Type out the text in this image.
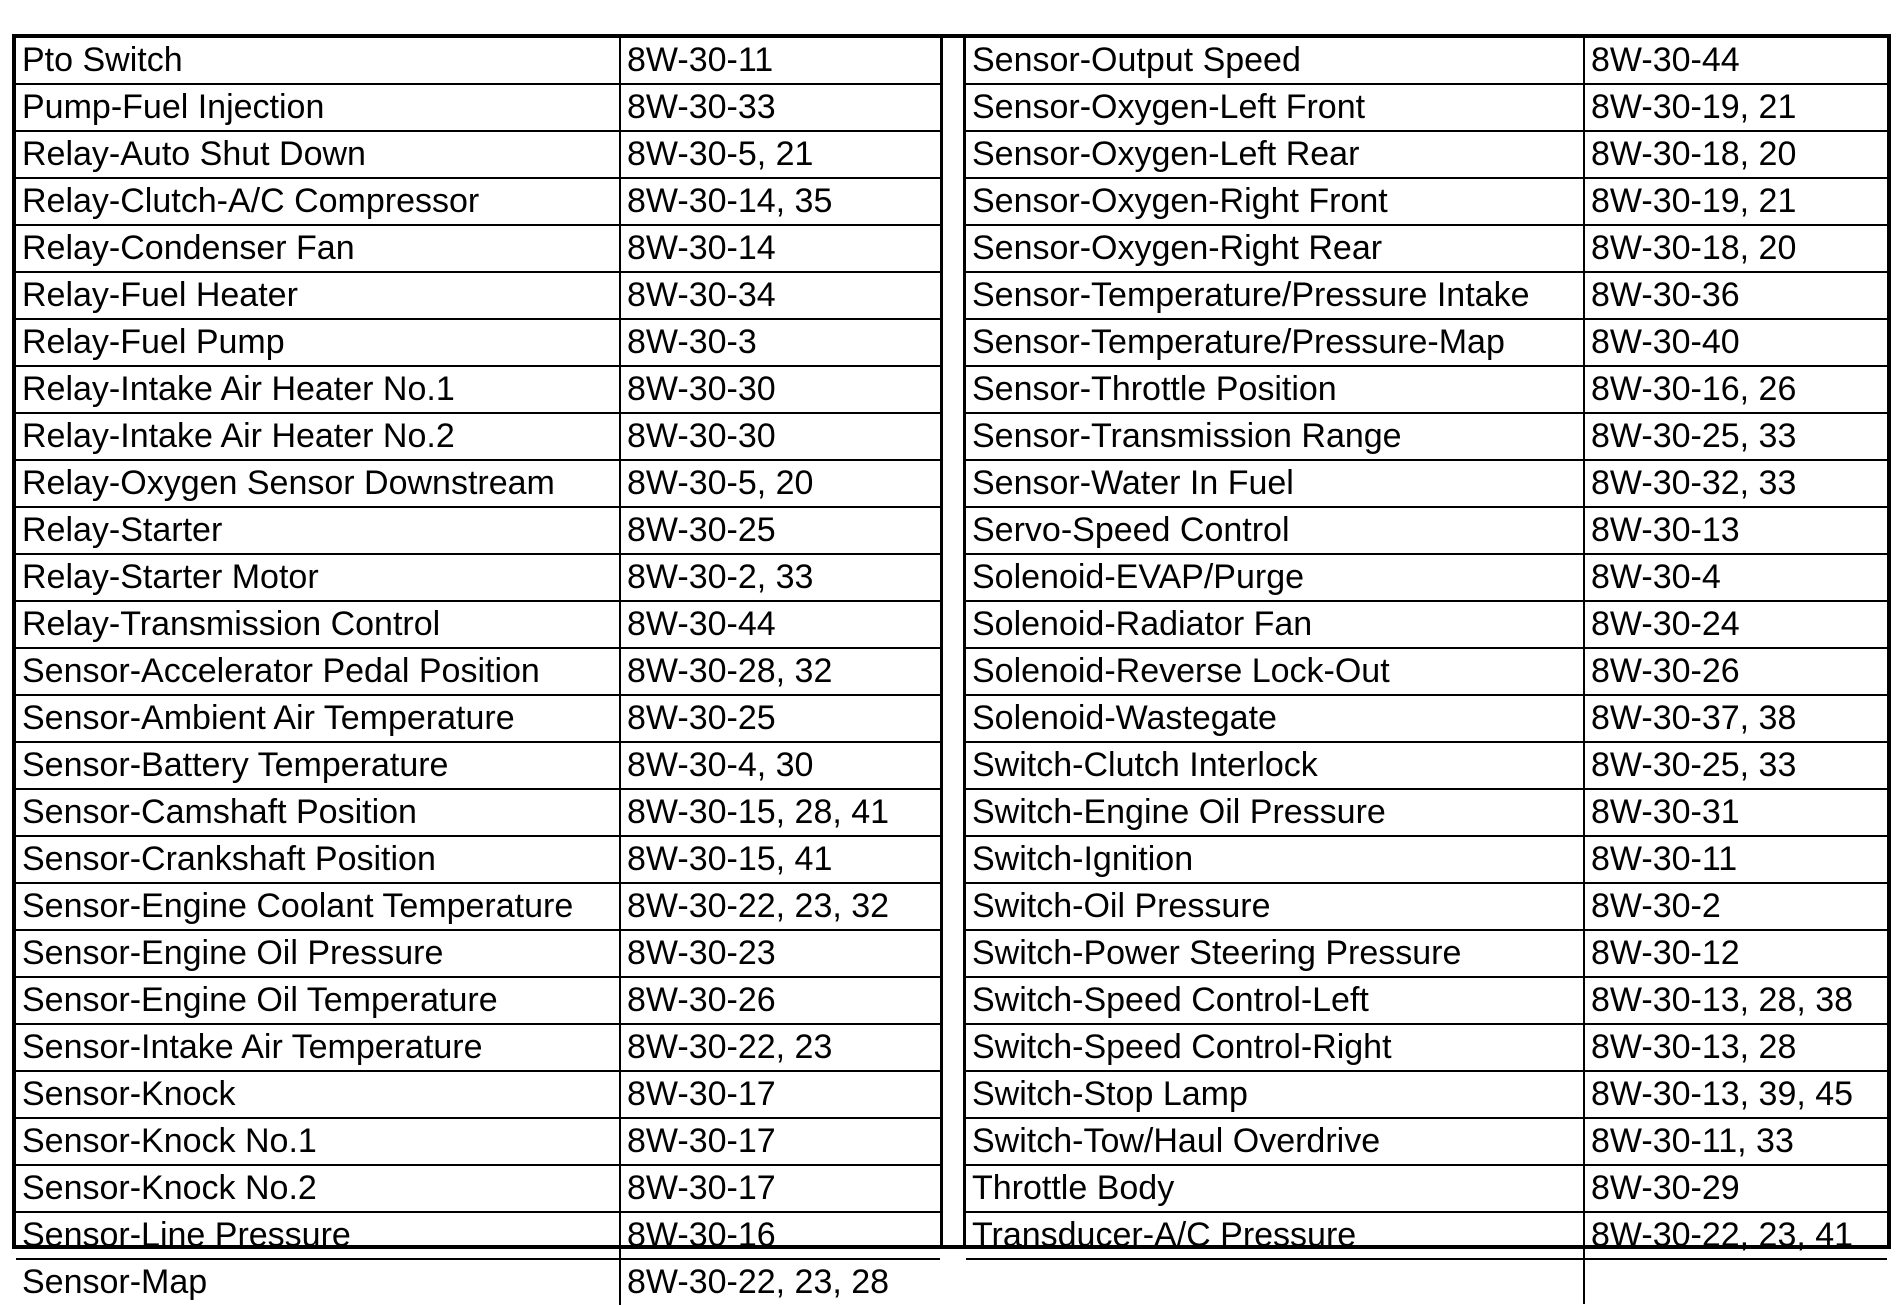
Pto Switch	8W-30-11
Pump-Fuel Injection	8W-30-33
Relay-Auto Shut Down	8W-30-5, 21
Relay-Clutch-A/C Compressor	8W-30-14, 35
Relay-Condenser Fan	8W-30-14
Relay-Fuel Heater	8W-30-34
Relay-Fuel Pump	8W-30-3
Relay-Intake Air Heater No.1	8W-30-30
Relay-Intake Air Heater No.2	8W-30-30
Relay-Oxygen Sensor Downstream	8W-30-5, 20
Relay-Starter	8W-30-25
Relay-Starter Motor	8W-30-2, 33
Relay-Transmission Control	8W-30-44
Sensor-Accelerator Pedal Position	8W-30-28, 32
Sensor-Ambient Air Temperature	8W-30-25
Sensor-Battery Temperature	8W-30-4, 30
Sensor-Camshaft Position	8W-30-15, 28, 41
Sensor-Crankshaft Position	8W-30-15, 41
Sensor-Engine Coolant Temperature	8W-30-22, 23, 32
Sensor-Engine Oil Pressure	8W-30-23
Sensor-Engine Oil Temperature	8W-30-26
Sensor-Intake Air Temperature	8W-30-22, 23
Sensor-Knock	8W-30-17
Sensor-Knock No.1	8W-30-17
Sensor-Knock No.2	8W-30-17
Sensor-Line Pressure	8W-30-16
Sensor-Map	8W-30-22, 23, 28
Sensor-Output Speed	8W-30-44
Sensor-Oxygen-Left Front	8W-30-19, 21
Sensor-Oxygen-Left Rear	8W-30-18, 20
Sensor-Oxygen-Right Front	8W-30-19, 21
Sensor-Oxygen-Right Rear	8W-30-18, 20
Sensor-Temperature/Pressure Intake	8W-30-36
Sensor-Temperature/Pressure-Map	8W-30-40
Sensor-Throttle Position	8W-30-16, 26
Sensor-Transmission Range	8W-30-25, 33
Sensor-Water In Fuel	8W-30-32, 33
Servo-Speed Control	8W-30-13
Solenoid-EVAP/Purge	8W-30-4
Solenoid-Radiator Fan	8W-30-24
Solenoid-Reverse Lock-Out	8W-30-26
Solenoid-Wastegate	8W-30-37, 38
Switch-Clutch Interlock	8W-30-25, 33
Switch-Engine Oil Pressure	8W-30-31
Switch-Ignition	8W-30-11
Switch-Oil Pressure	8W-30-2
Switch-Power Steering Pressure	8W-30-12
Switch-Speed Control-Left	8W-30-13, 28, 38
Switch-Speed Control-Right	8W-30-13, 28
Switch-Stop Lamp	8W-30-13, 39, 45
Switch-Tow/Haul Overdrive	8W-30-11, 33
Throttle Body	8W-30-29
Transducer-A/C Pressure	8W-30-22, 23, 41
